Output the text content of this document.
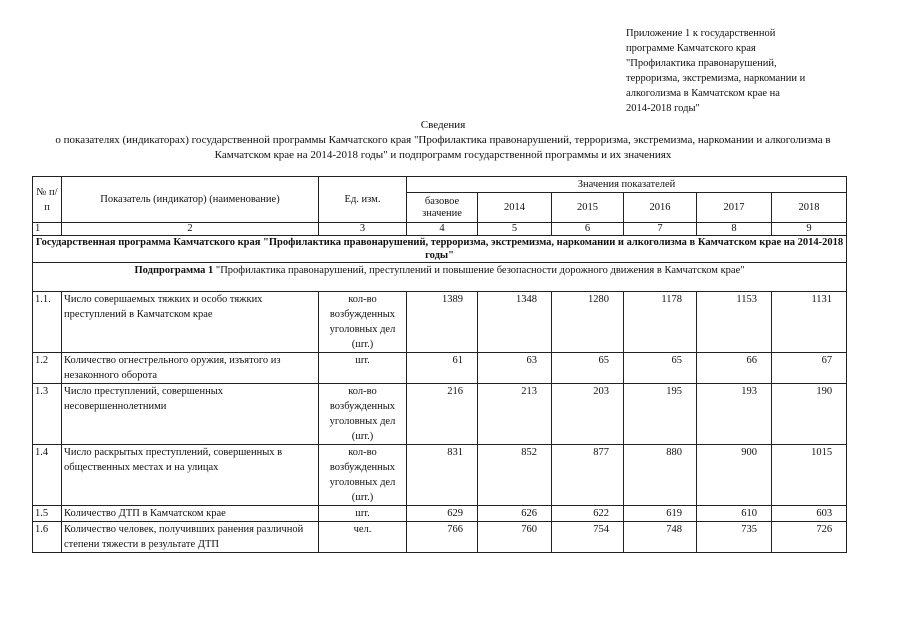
Приложение 1 к государственной
программе Камчатского края
"Профилактика правонарушений,
терроризма, экстремизма, наркомании и
алкоголизма в Камчатском крае на
2014-2018 годы"
Сведения
о показателях (индикаторах) государственной программы Камчатского края "Профилактика правонарушений, терроризма, экстремизма, наркомании и алкоголизма в Камчатском крае на 2014-2018 годы" и подпрограмм государственной программы и их значениях
№ п/п	Показатель (индикатор) (наименование)	Ед. изм.	Значения показателей					

			базовое значение	2014	2015	2016	2017	2018
1	2	3	4	5	6	7	8	9
Государственная программа Камчатского края "Профилактика правонарушений, терроризма, экстремизма, наркомании и алкоголизма в Камчатском крае на 2014-2018 годы"								
Подпрограмма 1 "Профилактика правонарушений, преступлений и повышение безопасности дорожного движения в Камчатском крае"								
1.1.	Число совершаемых тяжких и особо тяжких преступлений в Камчатском крае	кол-во возбужденных уголовных дел (шт.)	1389	1348	1280	1178	1153	1131
1.2	Количество огнестрельного оружия, изъятого из незаконного оборота	шт.	61	63	65	65	66	67
1.3	Число преступлений, совершенных несовершеннолетними	кол-во возбужденных уголовных дел (шт.)	216	213	203	195	193	190
1.4	Число раскрытых преступлений, совершенных в общественных местах и на улицах	кол-во возбужденных уголовных дел (шт.)	831	852	877	880	900	1015
1.5	Количество ДТП в Камчатском крае	шт.	629	626	622	619	610	603
1.6	Количество человек, получивших ранения различной степени тяжести в результате ДТП	чел.	766	760	754	748	735	726
